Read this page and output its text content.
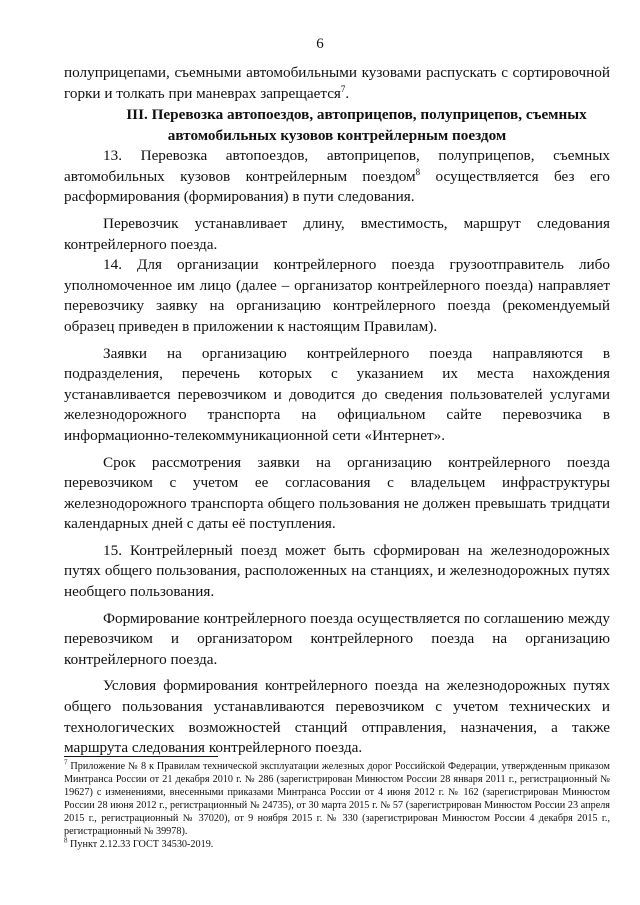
6

полуприцепами, съемными автомобильными кузовами распускать с сортировочной горки и толкать при маневрах запрещается$^7$.

III. Перевозка автопоездов, автоприцепов, полуприцепов, съемных автомобильных кузовов контрейлерным поездом

13. Перевозка автопоездов, автоприцепов, полуприцепов, съемных автомобильных кузовов контрейлерным поездом$^8$ осуществляется без его расформирования (формирования) в пути следования.

Перевозчик устанавливает длину, вместимость, маршрут следования контрейлерного поезда.

14. Для организации контрейлерного поезда грузоотправитель либо уполномоченное им лицо (далее – организатор контрейлерного поезда) направляет перевозчику заявку на организацию контрейлерного поезда (рекомендуемый образец приведен в приложении к настоящим Правилам).

Заявки на организацию контрейлерного поезда направляются в подразделения, перечень которых с указанием их места нахождения устанавливается перевозчиком и доводится до сведения пользователей услугами железнодорожного транспорта на официальном сайте перевозчика в информационно-телекоммуникационной сети «Интернет».

Срок рассмотрения заявки на организацию контрейлерного поезда перевозчиком с учетом ее согласования с владельцем инфраструктуры железнодорожного транспорта общего пользования не должен превышать тридцати календарных дней с даты её поступления.

15. Контрейлерный поезд может быть сформирован на железнодорожных путях общего пользования, расположенных на станциях, и железнодорожных путях необщего пользования.

Формирование контрейлерного поезда осуществляется по соглашению между перевозчиком и организатором контрейлерного поезда на организацию контрейлерного поезда.

Условия формирования контрейлерного поезда на железнодорожных путях общего пользования устанавливаются перевозчиком с учетом технических и технологических возможностей станций отправления, назначения, а также маршрута следования контрейлерного поезда.

$^7$ Приложение № 8 к Правилам технической эксплуатации железных дорог Российской Федерации, утвержденным приказом Минтранса России от 21 декабря 2010 г. № 286 (зарегистрирован Минюстом России 28 января 2011 г., регистрационный № 19627) с изменениями, внесенными приказами Минтранса России от 4 июня 2012 г. № 162 (зарегистрирован Минюстом России 28 июня 2012 г., регистрационный № 24735), от 30 марта 2015 г. № 57 (зарегистрирован Минюстом России 23 апреля 2015 г., регистрационный № 37020), от 9 ноября 2015 г. № 330 (зарегистрирован Минюстом России 4 декабря 2015 г., регистрационный № 39978).

$^8$ Пункт 2.12.33 ГОСТ 34530-2019.
